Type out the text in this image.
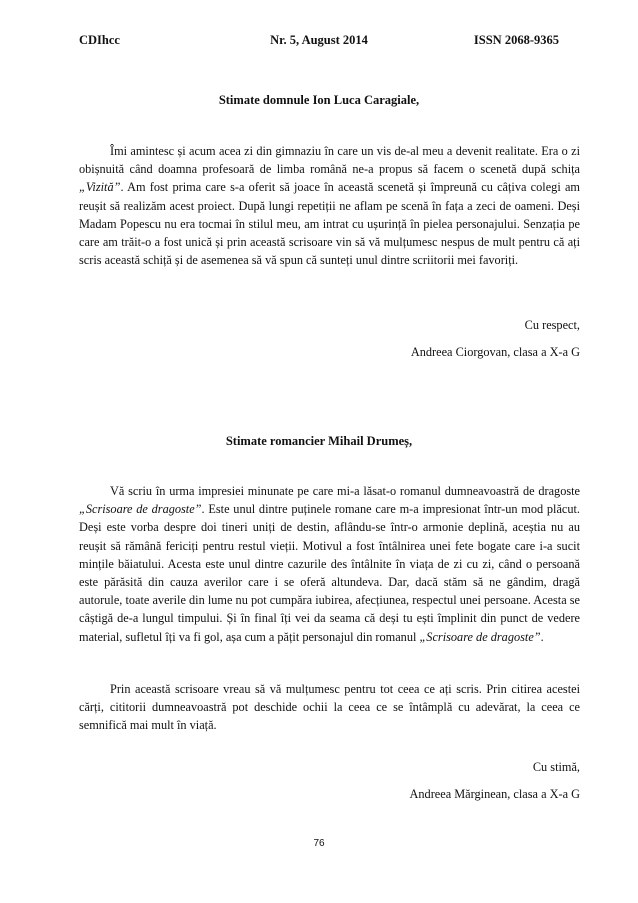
CDIhcc	Nr. 5, August 2014	ISSN 2068-9365
Stimate domnule Ion Luca Caragiale,

Îmi amintesc și acum acea zi din gimnaziu în care un vis de-al meu a devenit realitate. Era o zi obișnuită când doamna profesoară de limba română ne-a propus să facem o scenetă după schița „Vizită”. Am fost prima care s-a oferit să joace în această scenetă și împreună cu câțiva colegi am reușit să realizăm acest proiect. După lungi repetiții ne aflam pe scenă în fața a zeci de oameni. Deși Madam Popescu nu era tocmai în stilul meu, am intrat cu ușurință în pielea personajului. Senzația pe care am trăit-o a fost unică și prin această scrisoare vin să vă mulțumesc nespus de mult pentru că ați scris această schiță și de asemenea să vă spun că sunteți unul dintre scriitorii mei favoriți.

Cu respect,
Andreea Ciorgovan, clasa a X-a G
Stimate romancier Mihail Drumeș,

Vă scriu în urma impresiei minunate pe care mi-a lăsat-o romanul dumneavoastră de dragoste „Scrisoare de dragoste”. Este unul dintre puținele romane care m-a impresionat într-un mod plăcut. Deși este vorba despre doi tineri uniți de destin, aflându-se într-o armonie deplină, aceștia nu au reușit să rămână fericiți pentru restul vieții. Motivul a fost întâlnirea unei fete bogate care i-a sucit mințile băiatului. Acesta este unul dintre cazurile des întâlnite în viața de zi cu zi, când o persoană este părăsită din cauza averilor care i se oferă altundeva. Dar, dacă stăm să ne gândim, dragă autorule, toate averile din lume nu pot cumpăra iubirea, afecțiunea, respectul unei persoane. Acesta se câștigă de-a lungul timpului. Și în final îți vei da seama că deși tu ești împlinit din punct de vedere material, sufletul îți va fi gol, așa cum a pățit personajul din romanul „Scrisoare de dragoste”.

Prin această scrisoare vreau să vă mulțumesc pentru tot ceea ce ați scris. Prin citirea acestei cărți, cititorii dumneavoastră pot deschide ochii la ceea ce se întâmplă cu adevărat, la ceea ce semnifică mai mult în viață.

Cu stimă,
Andreea Mărginean, clasa a X-a G
76
